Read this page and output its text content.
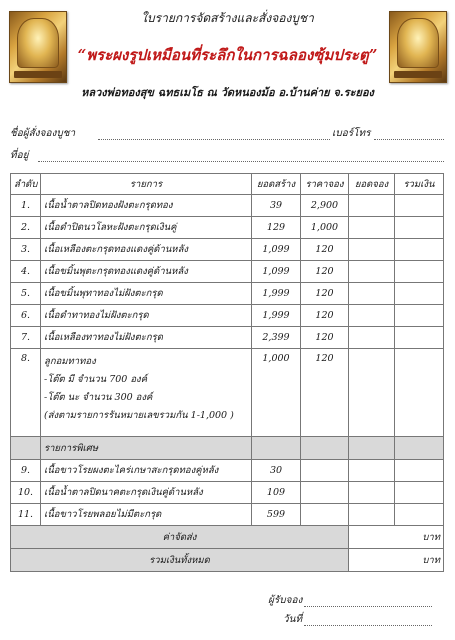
ใบรายการจัดสร้างและสั่งจองบูชา
“พระผงรูปเหมือนที่ระลึกในการฉลองซุ้มประตู”
หลวงพ่อทองสุข ฉทธเมโธ ณ วัดหนองม้อ อ.บ้านค่าย จ.ระยอง
ชื่อผู้สั่งจองบูชา	เบอร์โทร
ที่อยู่
ลำดับ	รายการ	ยอดสร้าง	ราคาจอง	ยอดจอง	รวมเงิน
1.	เนื้อน้ำตาลปิดทองฝังตะกรุดทอง	39	2,900		
2.	เนื้อดำปิดนวโลหะฝังตะกรุดเงินคู่	129	1,000		
3.	เนื้อเหลืองตะกรุดทองแดงคู่ด้านหลัง	1,099	120		
4.	เนื้อขมิ้นพุตะกรุดทองแดงคู่ด้านหลัง	1,099	120		
5.	เนื้อขมิ้นพุทาทองไม่ฝังตะกรุด	1,999	120		
6.	เนื้อดำทาทองไม่ฝังตะกรุด	1,999	120		
7.	เนื้อเหลืองทาทองไม่ฝังตะกรุด	2,399	120		
8.	ลูกอมทาทอง
-โต๊ต มี จำนวน 700 องค์
-โต๊ต นะ จำนวน 300 องค์
(ส่งตามรายการรันหมายเลขรวมกัน 1-1,000 )	1,000	120		
	รายการพิเศษ				
9.	เนื้อขาวโรยผงตะไคร่เกษาสะกรุดทองคู่หลัง	30			
10.	เนื้อน้ำตาลปิดนาคตะกรุดเงินคู่ด้านหลัง	109			
11.	เนื้อขาวโรยพลอยไม่มีตะกรุด	599			
ค่าจัดส่ง				บาท	
รวมเงินทั้งหมด				บาท	
ผู้รับจอง
วันที่
